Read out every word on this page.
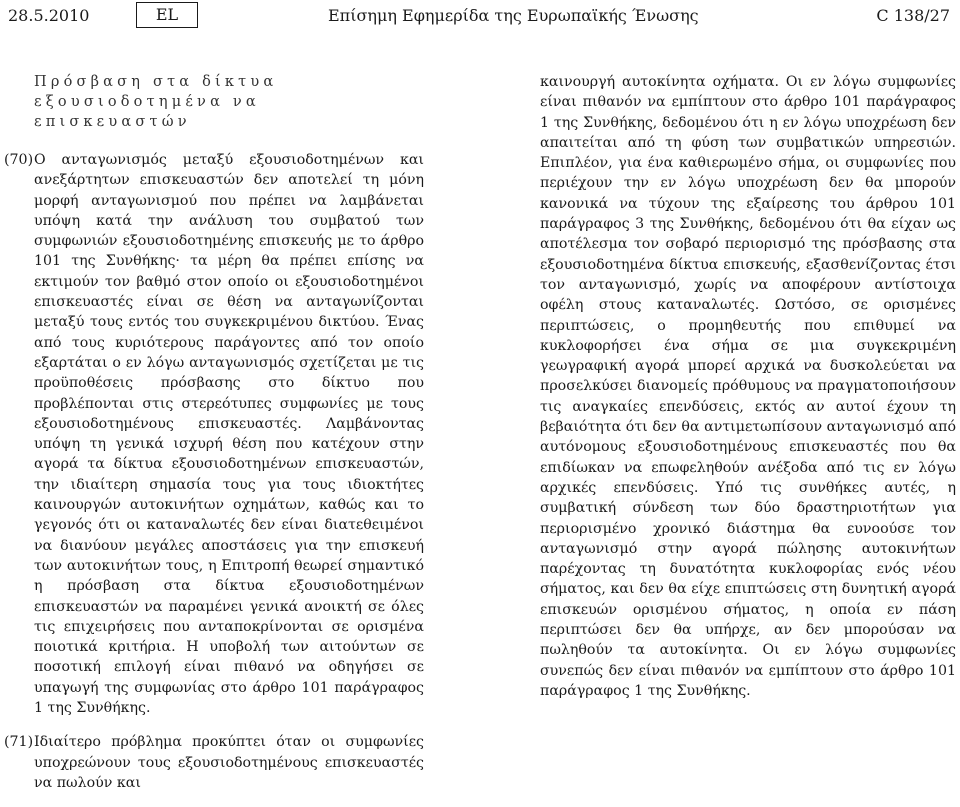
28.5.2010	EL	Επίσημη Εφημερίδα της Ευρωπαϊκής Ένωσης	C 138/27
Πρόσβαση στα δίκτυα εξουσιοδοτημένα να επισκευαστών
(70) Ο ανταγωνισμός μεταξύ εξουσιοδοτημένων και ανεξάρτητων επισκευαστών δεν αποτελεί τη μόνη μορφή ανταγωνισμού που πρέπει να λαμβάνεται υπόψη κατά την ανάλυση του συμβατού των συμφωνιών εξουσιοδοτημένης επισκευής με το άρθρο 101 της Συνθήκης· τα μέρη θα πρέπει επίσης να εκτιμούν τον βαθμό στον οποίο οι εξουσιοδοτημένοι επισκευαστές είναι σε θέση να ανταγωνίζονται μεταξύ τους εντός του συγκεκριμένου δικτύου. Ένας από τους κυριότερους παράγοντες από τον οποίο εξαρτάται ο εν λόγω ανταγωνισμός σχετίζεται με τις προϋποθέσεις πρόσβασης στο δίκτυο που προβλέπονται στις στερεότυπες συμφωνίες με τους εξουσιοδοτημένους επισκευαστές. Λαμβάνοντας υπόψη τη γενικά ισχυρή θέση που κατέχουν στην αγορά τα δίκτυα εξουσιοδοτημένων επισκευαστών, την ιδιαίτερη σημασία τους για τους ιδιοκτήτες καινουργών αυτοκινήτων οχημάτων, καθώς και το γεγονός ότι οι καταναλωτές δεν είναι διατεθειμένοι να διανύουν μεγάλες αποστάσεις για την επισκευή των αυτοκινήτων τους, η Επιτροπή θεωρεί σημαντικό η πρόσβαση στα δίκτυα εξουσιοδοτημένων επισκευαστών να παραμένει γενικά ανοικτή σε όλες τις επιχειρήσεις που ανταποκρίνονται σε ορισμένα ποιοτικά κριτήρια. Η υποβολή των αιτούντων σε ποσοτική επιλογή είναι πιθανό να οδηγήσει σε υπαγωγή της συμφωνίας στο άρθρο 101 παράγραφος 1 της Συνθήκης.
(71) Ιδιαίτερο πρόβλημα προκύπτει όταν οι συμφωνίες υποχρεώνουν τους εξουσιοδοτημένους επισκευαστές να πωλούν και
καινουργή αυτοκίνητα οχήματα. Οι εν λόγω συμφωνίες είναι πιθανόν να εμπίπτουν στο άρθρο 101 παράγραφος 1 της Συνθήκης, δεδομένου ότι η εν λόγω υποχρέωση δεν απαιτείται από τη φύση των συμβατικών υπηρεσιών. Επιπλέον, για ένα καθιερωμένο σήμα, οι συμφωνίες που περιέχουν την εν λόγω υποχρέωση δεν θα μπορούν κανονικά να τύχουν της εξαίρεσης του άρθρου 101 παράγραφος 3 της Συνθήκης, δεδομένου ότι θα είχαν ως αποτέλεσμα τον σοβαρό περιορισμό της πρόσβασης στα εξουσιοδοτημένα δίκτυα επισκευής, εξασθενίζοντας έτσι τον ανταγωνισμό, χωρίς να αποφέρουν αντίστοιχα οφέλη στους καταναλωτές. Ωστόσο, σε ορισμένες περιπτώσεις, ο προμηθευτής που επιθυμεί να κυκλοφορήσει ένα σήμα σε μια συγκεκριμένη γεωγραφική αγορά μπορεί αρχικά να δυσκολεύεται να προσελκύσει διανομείς πρόθυμους να πραγματοποιήσουν τις αναγκαίες επενδύσεις, εκτός αν αυτοί έχουν τη βεβαιότητα ότι δεν θα αντιμετωπίσουν ανταγωνισμό από αυτόνομους εξουσιοδοτημένους επισκευαστές που θα επιδίωκαν να επωφεληθούν ανέξοδα από τις εν λόγω αρχικές επενδύσεις. Υπό τις συνθήκες αυτές, η συμβατική σύνδεση των δύο δραστηριοτήτων για περιορισμένο χρονικό διάστημα θα ευνοούσε τον ανταγωνισμό στην αγορά πώλησης αυτοκινήτων παρέχοντας τη δυνατότητα κυκλοφορίας ενός νέου σήματος, και δεν θα είχε επιπτώσεις στη δυνητική αγορά επισκευών ορισμένου σήματος, η οποία εν πάση περιπτώσει δεν θα υπήρχε, αν δεν μπορούσαν να πωληθούν τα αυτοκίνητα. Οι εν λόγω συμφωνίες συνεπώς δεν είναι πιθανόν να εμπίπτουν στο άρθρο 101 παράγραφος 1 της Συνθήκης.
